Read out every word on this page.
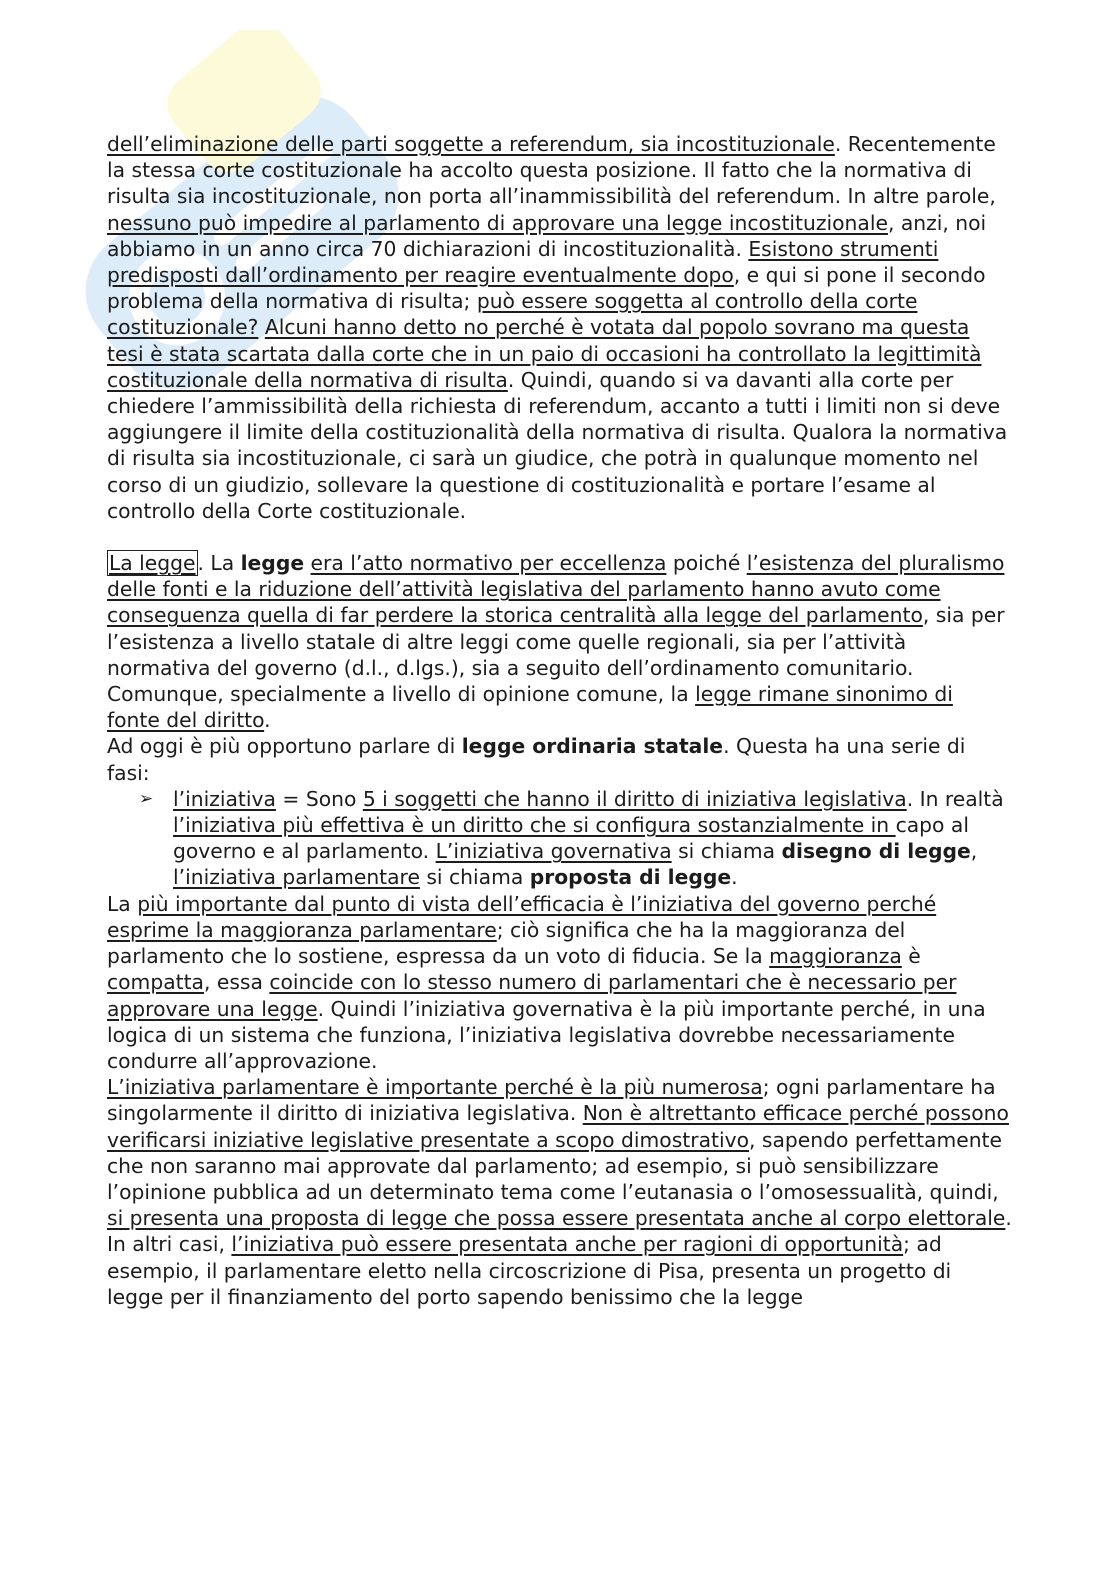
dell’eliminazione delle parti soggette a referendum, sia incostituzionale. Recentemente la stessa corte costituzionale ha accolto questa posizione. Il fatto che la normativa di risulta sia incostituzionale, non porta all’inammissibilità del referendum. In altre parole, nessuno può impedire al parlamento di approvare una legge incostituzionale, anzi, noi abbiamo in un anno circa 70 dichiarazioni di incostituzionalità. Esistono strumenti predisposti dall’ordinamento per reagire eventualmente dopo, e qui si pone il secondo problema della normativa di risulta; può essere soggetta al controllo della corte costituzionale? Alcuni hanno detto no perché è votata dal popolo sovrano ma questa tesi è stata scartata dalla corte che in un paio di occasioni ha controllato la legittimità costituzionale della normativa di risulta. Quindi, quando si va davanti alla corte per chiedere l’ammissibilità della richiesta di referendum, accanto a tutti i limiti non si deve aggiungere il limite della costituzionalità della normativa di risulta. Qualora la normativa di risulta sia incostituzionale, ci sarà un giudice, che potrà in qualunque momento nel corso di un giudizio, sollevare la questione di costituzionalità e portare l’esame al controllo della Corte costituzionale.

La legge. La legge era l’atto normativo per eccellenza poiché l’esistenza del pluralismo delle fonti e la riduzione dell’attività legislativa del parlamento hanno avuto come conseguenza quella di far perdere la storica centralità alla legge del parlamento, sia per l’esistenza a livello statale di altre leggi come quelle regionali, sia per l’attività normativa del governo (d.l., d.lgs.), sia a seguito dell’ordinamento comunitario. Comunque, specialmente a livello di opinione comune, la legge rimane sinonimo di fonte del diritto.

Ad oggi è più opportuno parlare di legge ordinaria statale. Questa ha una serie di fasi:

➢ l’iniziativa = Sono 5 i soggetti che hanno il diritto di iniziativa legislativa. In realtà l’iniziativa più effettiva è un diritto che si configura sostanzialmente in capo al governo e al parlamento. L’iniziativa governativa si chiama disegno di legge, l’iniziativa parlamentare si chiama proposta di legge.

La più importante dal punto di vista dell’efficacia è l’iniziativa del governo perché esprime la maggioranza parlamentare; ciò significa che ha la maggioranza del parlamento che lo sostiene, espressa da un voto di fiducia. Se la maggioranza è compatta, essa coincide con lo stesso numero di parlamentari che è necessario per approvare una legge. Quindi l’iniziativa governativa è la più importante perché, in una logica di un sistema che funziona, l’iniziativa legislativa dovrebbe necessariamente condurre all’approvazione.

L’iniziativa parlamentare è importante perché è la più numerosa; ogni parlamentare ha singolarmente il diritto di iniziativa legislativa. Non è altrettanto efficace perché possono verificarsi iniziative legislative presentate a scopo dimostrativo, sapendo perfettamente che non saranno mai approvate dal parlamento; ad esempio, si può sensibilizzare l’opinione pubblica ad un determinato tema come l’eutanasia o l’omosessualità, quindi, si presenta una proposta di legge che possa essere presentata anche al corpo elettorale. In altri casi, l’iniziativa può essere presentata anche per ragioni di opportunità; ad esempio, il parlamentare eletto nella circoscrizione di Pisa, presenta un progetto di legge per il finanziamento del porto sapendo benissimo che la legge
